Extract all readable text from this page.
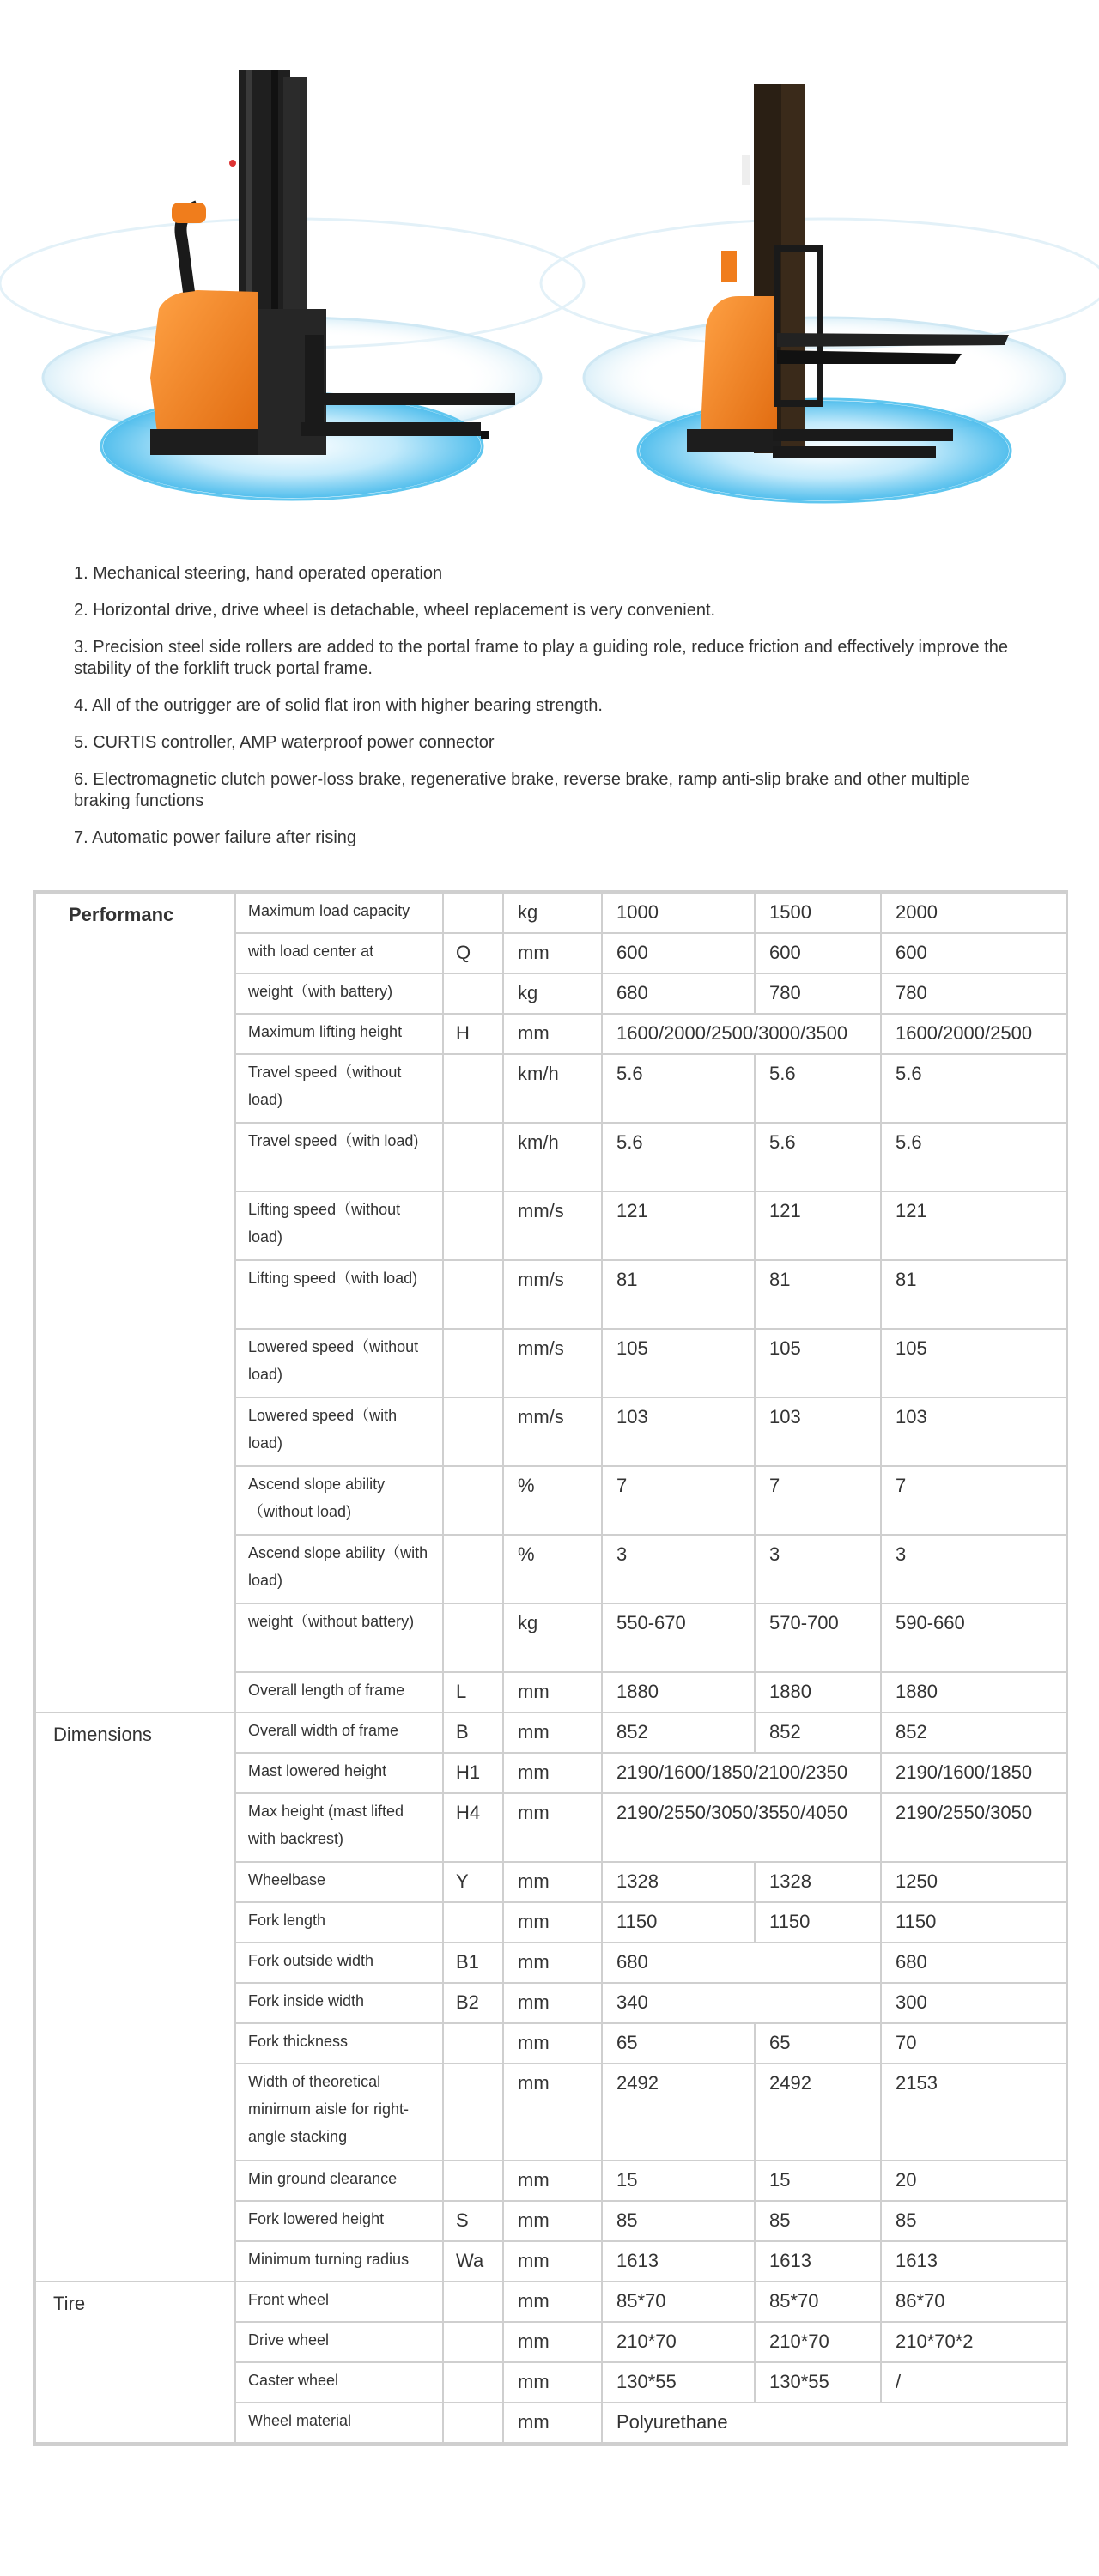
1. Mechanical steering, hand operated operation
2. Horizontal drive, drive wheel is detachable, wheel replacement is very convenient.
3. Precision steel side rollers are added to the portal frame to play a guiding role, reduce friction and effectively improve the stability of the forklift truck portal frame.
4. All of the outrigger are of solid flat iron with higher bearing strength.
5. CURTIS controller, AMP waterproof power connector
6. Electromagnetic clutch power-loss brake, regenerative brake, reverse brake, ramp anti-slip brake and other multiple braking functions
7. Automatic power failure after rising
Performanc	Maximum load capacity		kg	1000	1500	2000
	with load center at	Q	mm	600	600	600
	weight（with battery)		kg	680	780	780
	Maximum lifting height	H	mm	1600/2000/2500/3000/3500		1600/2000/2500
	Travel speed（without load)		km/h	5.6	5.6	5.6
	Travel speed（with load)		km/h	5.6	5.6	5.6
	Lifting speed（without load)		mm/s	121	121	121
	Lifting speed（with load)		mm/s	81	81	81
	Lowered speed（without load)		mm/s	105	105	105
	Lowered speed（with load)		mm/s	103	103	103
	Ascend slope ability（without load)		%	7	7	7
	Ascend slope ability（with load)		%	3	3	3
	weight（without battery)		kg	550-670	570-700	590-660
	Overall length of frame	L	mm	1880	1880	1880
Dimensions	Overall width of frame	B	mm	852	852	852
	Mast lowered height	H1	mm	2190/1600/1850/2100/2350		2190/1600/1850
	Max height (mast lifted with backrest)	H4	mm	2190/2550/3050/3550/4050		2190/2550/3050
	Wheelbase	Y	mm	1328	1328	1250
	Fork length		mm	1150	1150	1150
	Fork outside width	B1	mm	680		680
	Fork inside width	B2	mm	340		300
	Fork thickness		mm	65	65	70
	Width of theoretical minimum aisle for right-angle stacking		mm	2492	2492	2153
	Min ground clearance		mm	15	15	20
	Fork lowered height	S	mm	85	85	85
	Minimum turning radius	Wa	mm	1613	1613	1613
Tire	Front wheel		mm	85*70	85*70	86*70
	Drive wheel		mm	210*70	210*70	210*70*2
	Caster wheel		mm	130*55	130*55	/
	Wheel material		mm	Polyurethane		
